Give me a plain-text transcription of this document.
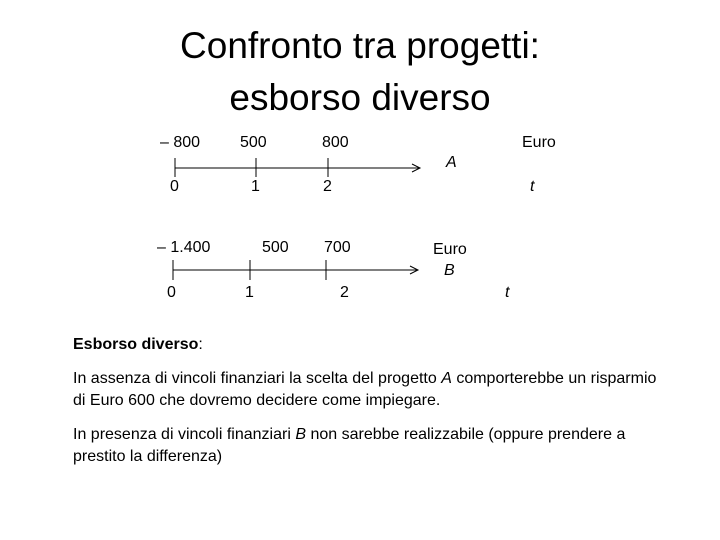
Confronto tra progetti:
esborso diverso
– 800 500	800	Euro
A
0	1	2	t
– 1.400	500 700	Euro
B
0	1	2	t
Esborso diverso:
In assenza di vincoli finanziari la scelta del progetto A comporterebbe un risparmio di Euro 600 che dovremo decidere come impiegare.
In presenza di vincoli finanziari B non sarebbe realizzabile (oppure prendere a prestito la differenza)
